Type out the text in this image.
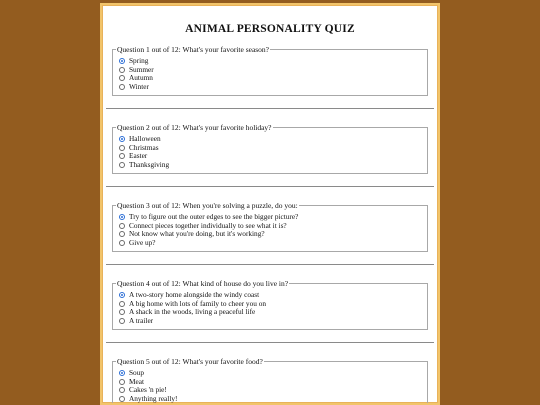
ANIMAL PERSONALITY QUIZ
Question 1 out of 12: What's your favorite season?
Spring
Summer
Autumn
Winter
Question 2 out of 12: What's your favorite holiday?
Halloween
Christmas
Easter
Thanksgiving
Question 3 out of 12: When you're solving a puzzle, do you:
Try to figure out the outer edges to see the bigger picture?
Connect pieces together individually to see what it is?
Not know what you're doing, but it's working?
Give up?
Question 4 out of 12: What kind of house do you live in?
A two-story home alongside the windy coast
A big home with lots of family to cheer you on
A shack in the woods, living a peaceful life
A trailer
Question 5 out of 12: What's your favorite food?
Soup
Meat
Cakes 'n pie!
Anything really!
